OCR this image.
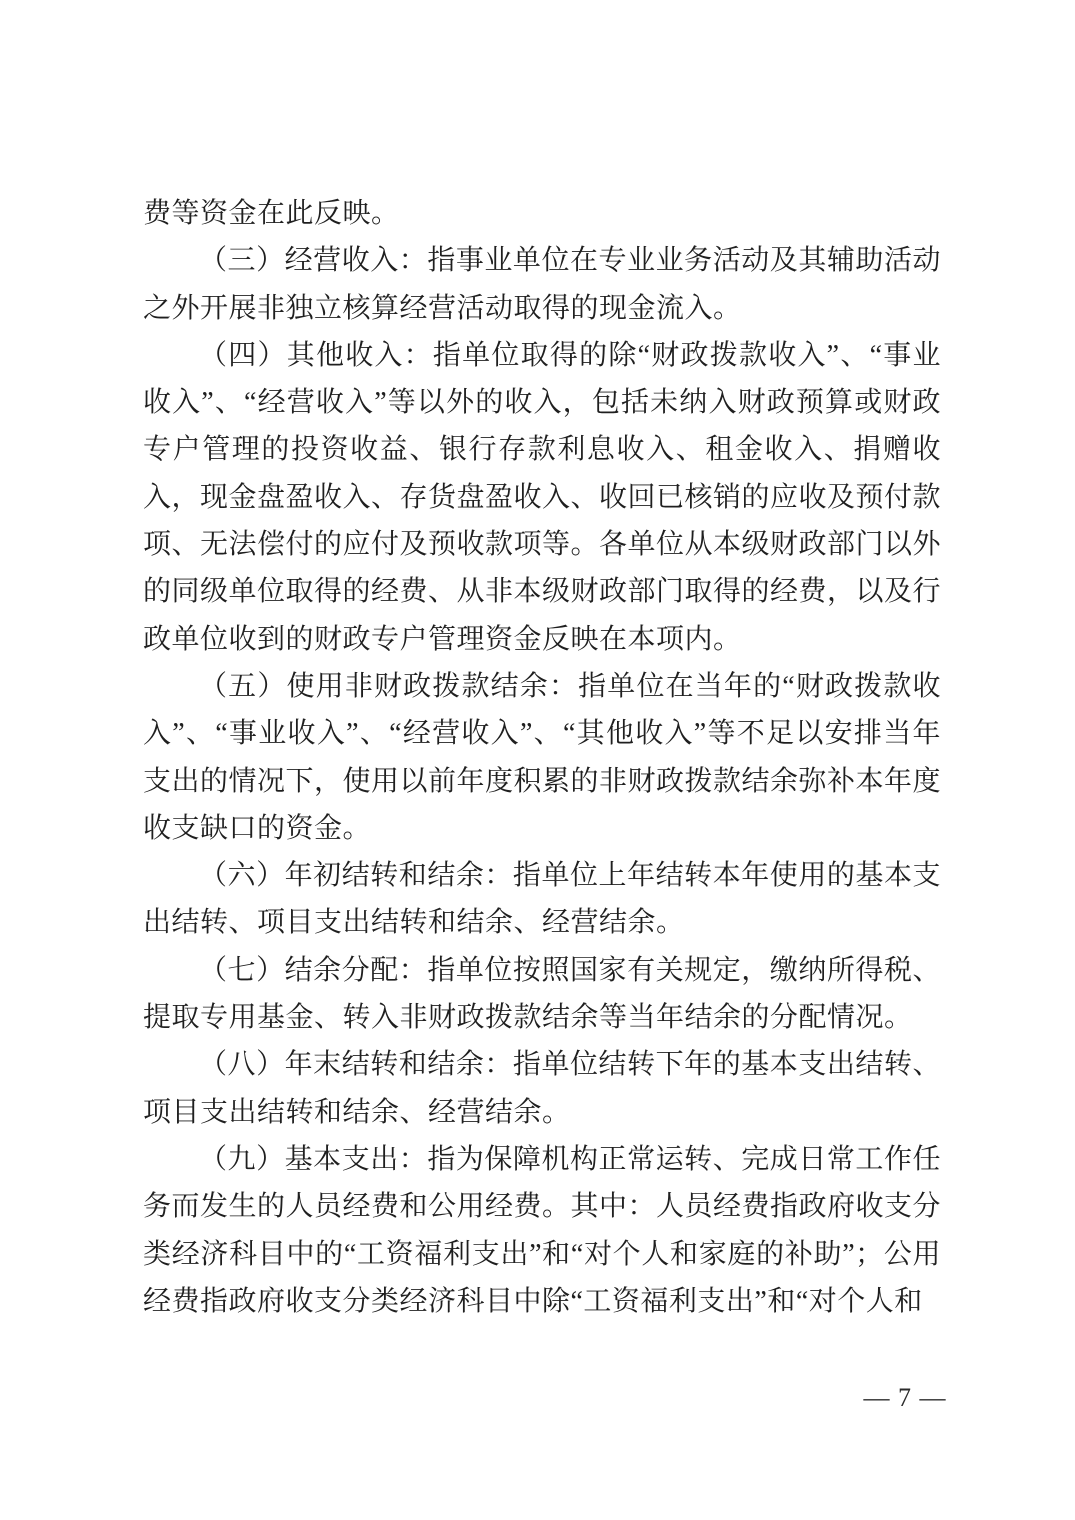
费等资金在此反映。

（三）经营收入：指事业单位在专业业务活动及其辅助活动之外开展非独立核算经营活动取得的现金流入。

（四）其他收入：指单位取得的除“财政拨款收入”、“事业收入”、“经营收入”等以外的收入，包括未纳入财政预算或财政专户管理的投资收益、银行存款利息收入、租金收入、捐赠收入，现金盘盈收入、存货盘盈收入、收回已核销的应收及预付款项、无法偿付的应付及预收款项等。各单位从本级财政部门以外的同级单位取得的经费、从非本级财政部门取得的经费，以及行政单位收到的财政专户管理资金反映在本项内。

（五）使用非财政拨款结余：指单位在当年的“财政拨款收入”、“事业收入”、“经营收入”、“其他收入”等不足以安排当年支出的情况下，使用以前年度积累的非财政拨款结余弥补本年度收支缺口的资金。

（六）年初结转和结余：指单位上年结转本年使用的基本支出结转、项目支出结转和结余、经营结余。

（七）结余分配：指单位按照国家有关规定，缴纳所得税、提取专用基金、转入非财政拨款结余等当年结余的分配情况。

（八）年末结转和结余：指单位结转下年的基本支出结转、项目支出结转和结余、经营结余。

（九）基本支出：指为保障机构正常运转、完成日常工作任务而发生的人员经费和公用经费。其中：人员经费指政府收支分类经济科目中的“工资福利支出”和“对个人和家庭的补助”；公用经费指政府收支分类经济科目中除“工资福利支出”和“对个人和

— 7 —
